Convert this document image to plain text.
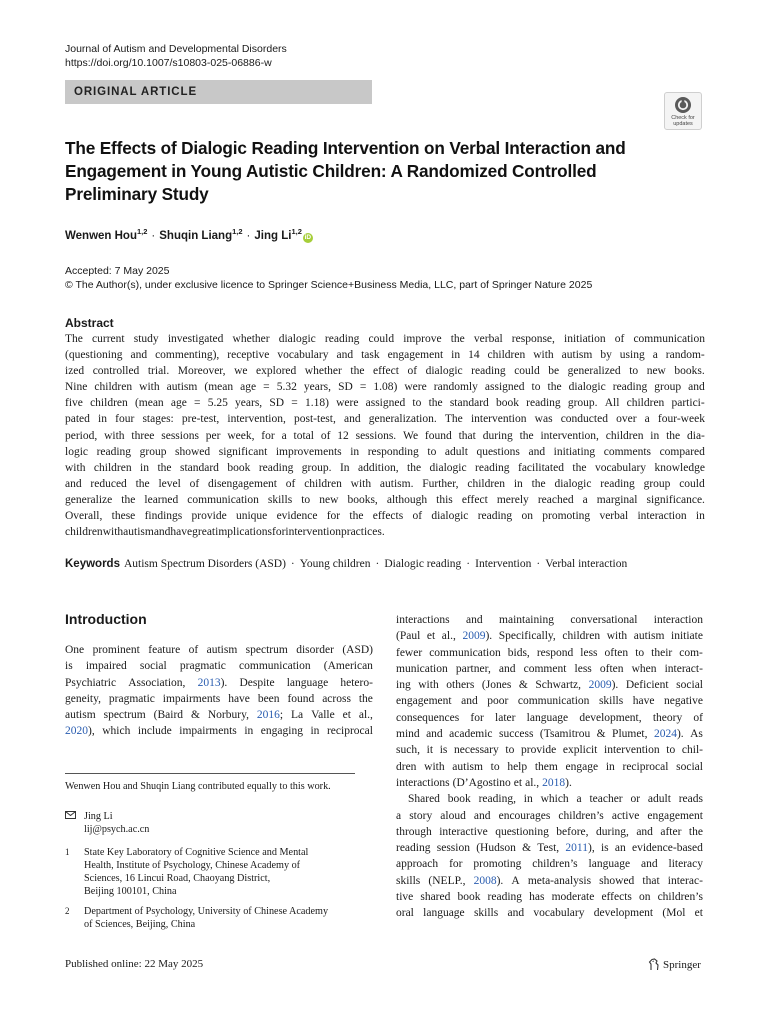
Journal of Autism and Developmental Disorders
https://doi.org/10.1007/s10803-025-06886-w
ORIGINAL ARTICLE
Check for
updates
The Effects of Dialogic Reading Intervention on Verbal Interaction and
Engagement in Young Autistic Children: A Randomized Controlled
Preliminary Study
Wenwen Hou$^{1,2}$ · Shuqin Liang$^{1,2}$ · Jing Li$^{1,2}$iD
Accepted: 7 May 2025
© The Author(s), under exclusive licence to Springer Science+Business Media, LLC, part of Springer Nature 2025
Abstract
The current study investigated whether dialogic reading could improve the verbal response, initiation of communication
(questioning and commenting), receptive vocabulary and task engagement in 14 children with autism by using a random-
ized controlled trial. Moreover, we explored whether the effect of dialogic reading could be generalized to new books.
Nine children with autism (mean age = 5.32 years, SD = 1.08) were randomly assigned to the dialogic reading group and
five children (mean age = 5.25 years, SD = 1.18) were assigned to the standard book reading group. All children partici-
pated in four stages: pre-test, intervention, post-test, and generalization. The intervention was conducted over a four-week
period, with three sessions per week, for a total of 12 sessions. We found that during the intervention, children in the dia-
logic reading group showed significant improvements in responding to adult questions and initiating comments compared
with children in the standard book reading group. In addition, the dialogic reading facilitated the vocabulary knowledge
and reduced the level of disengagement of children with autism. Further, children in the dialogic reading group could
generalize the learned communication skills to new books, although this effect merely reached a marginal significance.
Overall, these findings provide unique evidence for the effects of dialogic reading on promoting verbal interaction in
children with autism and have great implications for intervention practices.
Keywords Autism Spectrum Disorders (ASD) · Young children · Dialogic reading · Intervention · Verbal interaction
Introduction
One prominent feature of autism spectrum disorder (ASD)
is impaired social pragmatic communication (American
Psychiatric Association, 2013). Despite language hetero-
geneity, pragmatic impairments have been found across the
autism spectrum (Baird & Norbury, 2016; La Valle et al.,
2020), which include impairments in engaging in reciprocal
interactions and maintaining conversational interaction
(Paul et al., 2009). Specifically, children with autism initiate
fewer communication bids, respond less often to their com-
munication partner, and comment less often when interact-
ing with others (Jones & Schwartz, 2009). Deficient social
engagement and poor communication skills have negative
consequences for later language development, theory of
mind and academic success (Tsamitrou & Plumet, 2024). As
such, it is necessary to provide explicit intervention to chil-
dren with autism to help them engage in reciprocal social
interactions (D’Agostino et al., 2018).
Shared book reading, in which a teacher or adult reads
a story aloud and encourages children’s active engagement
through interactive questioning before, during, and after the
reading session (Hudson & Test, 2011), is an evidence-based
approach for promoting children’s language and literacy
skills (NELP., 2008). A meta-analysis showed that interac-
tive shared book reading has moderate effects on children’s
oral language skills and vocabulary development (Mol et
Wenwen Hou and Shuqin Liang contributed equally to this work.
Jing Li
lij@psych.ac.cn
1	State Key Laboratory of Cognitive Science and Mental
Health, Institute of Psychology, Chinese Academy of
Sciences, 16 Lincui Road, Chaoyang District,
Beijing 100101, China
2	Department of Psychology, University of Chinese Academy
of Sciences, Beijing, China
Published online: 22 May 2025	Springer
